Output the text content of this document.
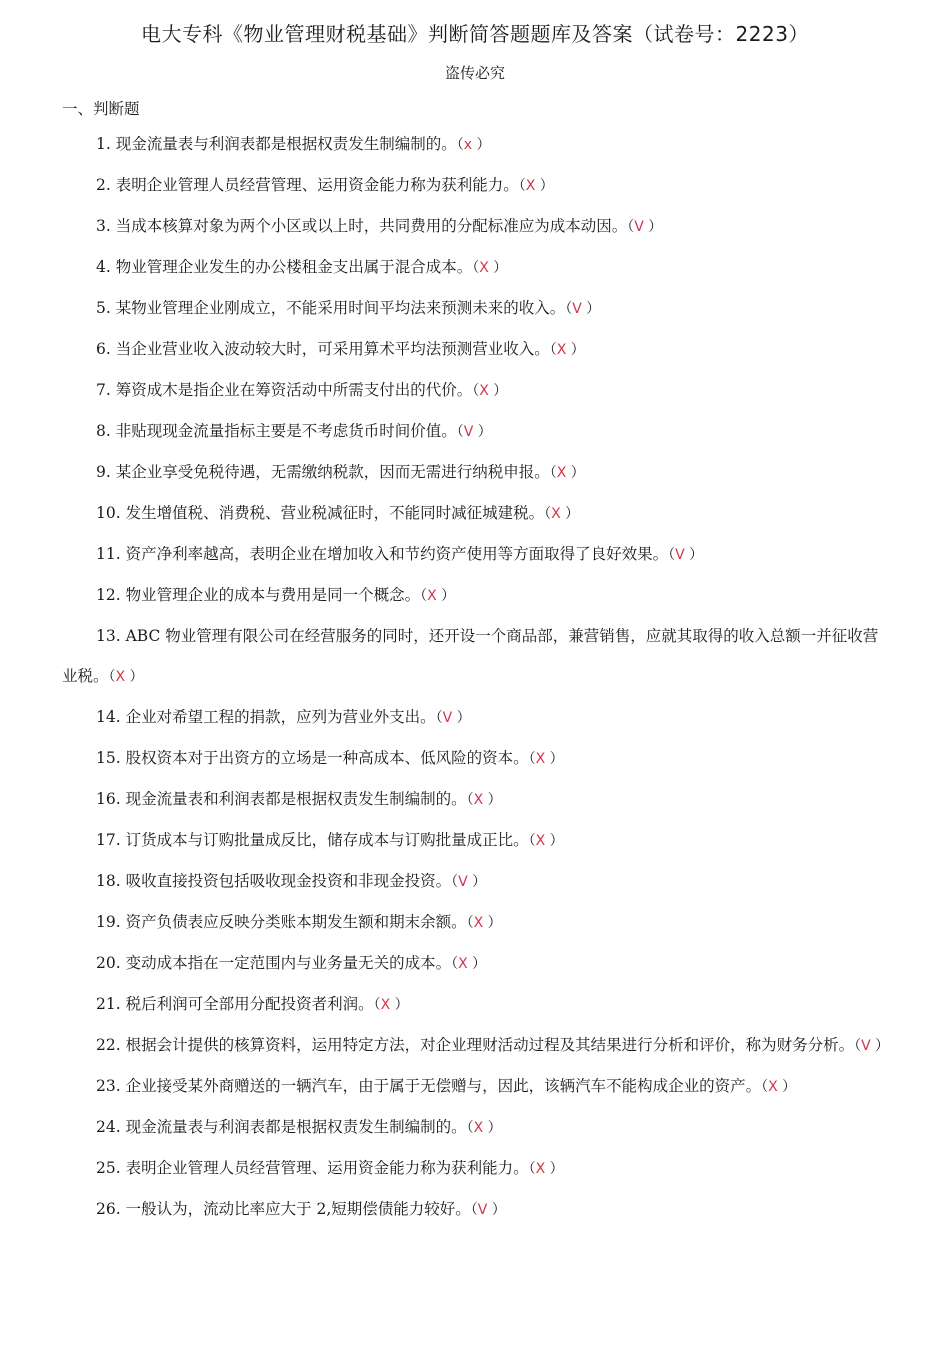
电大专科《物业管理财税基础》判断简答题题库及答案（试卷号：2223）
盗传必究
一、判断题

1. 现金流量表与利润表都是根据权责发生制编制的。（x ）

2. 表明企业管理人员经营管理、运用资金能力称为获利能力。（X ）

3. 当成本核算对象为两个小区或以上时，共同费用的分配标准应为成本动因。（V ）

4. 物业管理企业发生的办公楼租金支出属于混合成本。（X ）

5. 某物业管理企业刚成立，不能采用时间平均法来预测未来的收入。（V ）

6. 当企业营业收入波动较大时，可采用算术平均法预测营业收入。（X ）

7. 筹资成木是指企业在筹资活动中所需支付出的代价。（X ）

8. 非贴现现金流量指标主要是不考虑货币时间价值。（V ）

9. 某企业享受免税待遇，无需缴纳税款，因而无需进行纳税申报。（X ）

10. 发生增值税、消费税、营业税减征时，不能同时减征城建税。（X ）

11. 资产净利率越高，表明企业在增加收入和节约资产使用等方面取得了良好效果。（V ）

12. 物业管理企业的成本与费用是同一个概念。（X ）

13. ABC 物业管理有限公司在经营服务的同时，还开设一个商品部，兼营销售，应就其取得的收入总额一并征收营业税。（X ）

14. 企业对希望工程的捐款，应列为营业外支出。（V ）

15. 股权资本对于出资方的立场是一种高成本、低风险的资本。（X ）

16. 现金流量表和利润表都是根据权责发生制编制的。（X ）

17. 订货成本与订购批量成反比，储存成本与订购批量成正比。（X ）

18. 吸收直接投资包括吸收现金投资和非现金投资。（V ）

19. 资产负债表应反映分类账本期发生额和期末余额。（X ）

20. 变动成本指在一定范围内与业务量无关的成本。（X ）

21. 税后利润可全部用分配投资者利润。（X ）

22. 根据会计提供的核算资料，运用特定方法，对企业理财活动过程及其结果进行分析和评价，称为财务分析。（V ）

23. 企业接受某外商赠送的一辆汽车，由于属于无偿赠与，因此，该辆汽车不能构成企业的资产。（X ）

24. 现金流量表与利润表都是根据权责发生制编制的。（X ）

25. 表明企业管理人员经营管理、运用资金能力称为获利能力。（X ）

26. 一般认为，流动比率应大于 2,短期偿债能力较好。（V ）
